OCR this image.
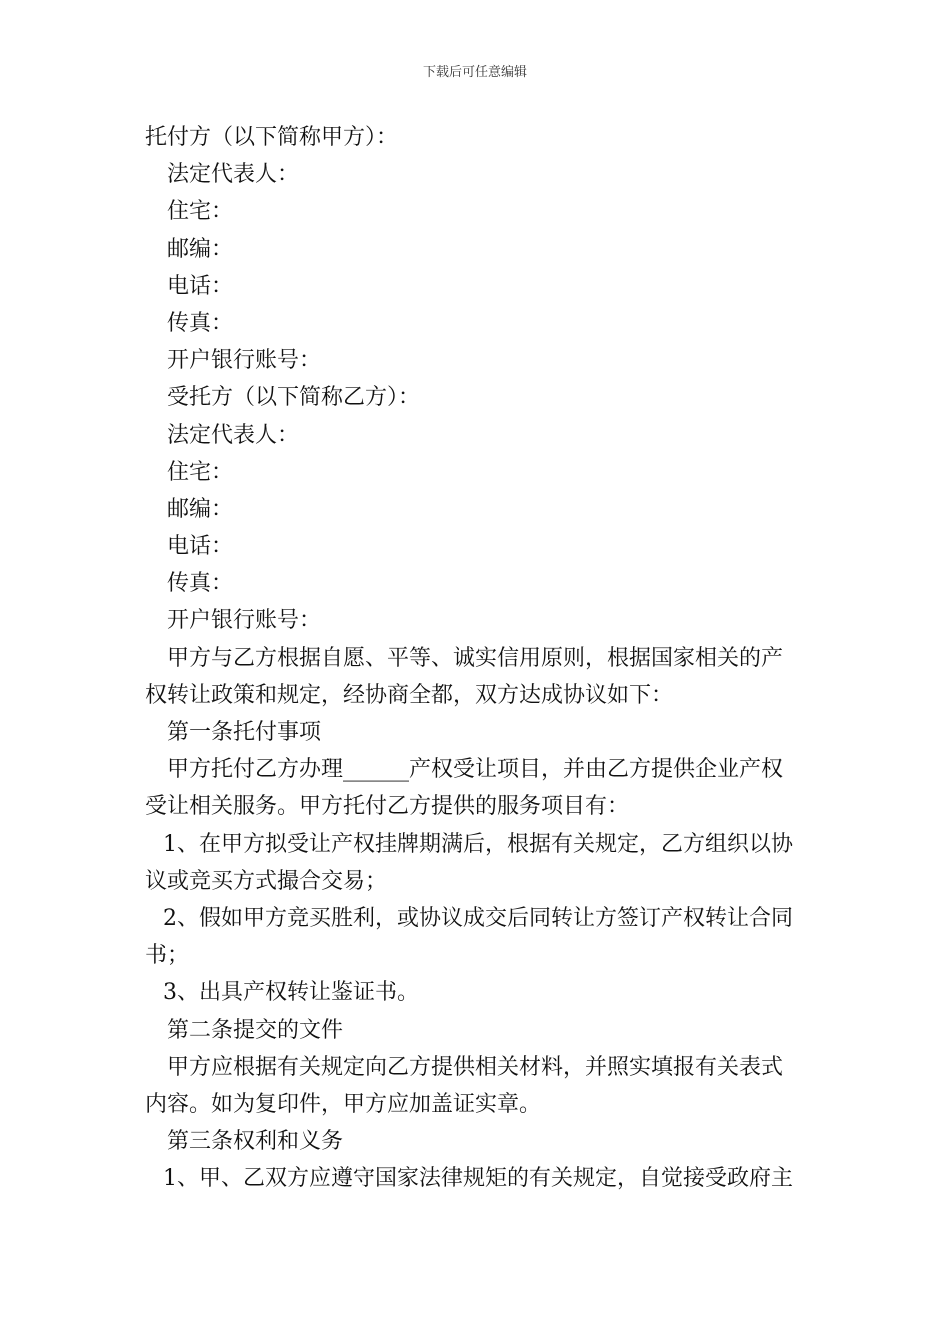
下载后可任意编辑
托付方（以下简称甲方）：
法定代表人：
住宅：
邮编：
电话：
传真：
开户银行账号：
受托方（以下简称乙方）：
法定代表人：
住宅：
邮编：
电话：
传真：
开户银行账号：
甲方与乙方根据自愿、平等、诚实信用原则，根据国家相关的产
权转让政策和规定，经协商全都，双方达成协议如下：
第一条托付事项
甲方托付乙方办理______产权受让项目，并由乙方提供企业产权
受让相关服务。甲方托付乙方提供的服务项目有：
1、在甲方拟受让产权挂牌期满后，根据有关规定，乙方组织以协
议或竞买方式撮合交易；
2、假如甲方竞买胜利，或协议成交后同转让方签订产权转让合同
书；
3、出具产权转让鉴证书。
第二条提交的文件
甲方应根据有关规定向乙方提供相关材料，并照实填报有关表式
内容。如为复印件，甲方应加盖证实章。
第三条权利和义务
1、甲、乙双方应遵守国家法律规矩的有关规定，自觉接受政府主
